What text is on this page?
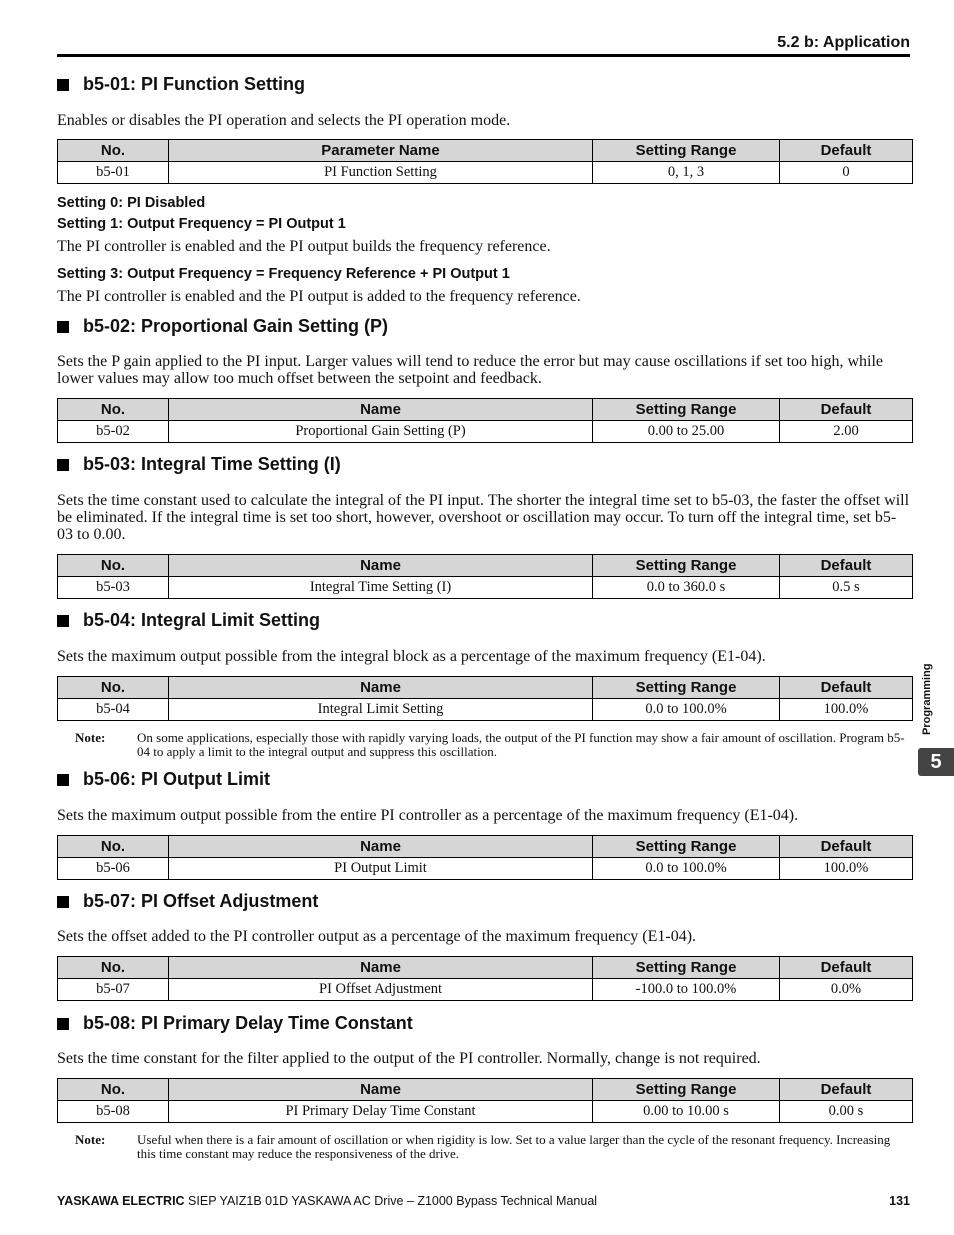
5.2 b: Application
b5-01: PI Function Setting
Enables or disables the PI operation and selects the PI operation mode.
No.	Parameter Name	Setting Range	Default
b5-01	PI Function Setting	0, 1, 3	0
Setting 0: PI Disabled
Setting 1: Output Frequency = PI Output 1
The PI controller is enabled and the PI output builds the frequency reference.
Setting 3: Output Frequency = Frequency Reference + PI Output 1
The PI controller is enabled and the PI output is added to the frequency reference.
b5-02: Proportional Gain Setting (P)
Sets the P gain applied to the PI input. Larger values will tend to reduce the error but may cause oscillations if set too high, while lower values may allow too much offset between the setpoint and feedback.
No.	Name	Setting Range	Default
b5-02	Proportional Gain Setting (P)	0.00 to 25.00	2.00
b5-03: Integral Time Setting (I)
Sets the time constant used to calculate the integral of the PI input. The shorter the integral time set to b5-03, the faster the offset will be eliminated. If the integral time is set too short, however, overshoot or oscillation may occur. To turn off the integral time, set b5-03 to 0.00.
No.	Name	Setting Range	Default
b5-03	Integral Time Setting (I)	0.0 to 360.0 s	0.5 s
b5-04: Integral Limit Setting
Sets the maximum output possible from the integral block as a percentage of the maximum frequency (E1-04).
No.	Name	Setting Range	Default
b5-04	Integral Limit Setting	0.0 to 100.0%	100.0%
Note:	On some applications, especially those with rapidly varying loads, the output of the PI function may show a fair amount of oscillation. Program b5-04 to apply a limit to the integral output and suppress this oscillation.
b5-06: PI Output Limit
Sets the maximum output possible from the entire PI controller as a percentage of the maximum frequency (E1-04).
No.	Name	Setting Range	Default
b5-06	PI Output Limit	0.0 to 100.0%	100.0%
b5-07: PI Offset Adjustment
Sets the offset added to the PI controller output as a percentage of the maximum frequency (E1-04).
No.	Name	Setting Range	Default
b5-07	PI Offset Adjustment	-100.0 to 100.0%	0.0%
b5-08: PI Primary Delay Time Constant
Sets the time constant for the filter applied to the output of the PI controller. Normally, change is not required.
No.	Name	Setting Range	Default
b5-08	PI Primary Delay Time Constant	0.00 to 10.00 s	0.00 s
Note:	Useful when there is a fair amount of oscillation or when rigidity is low. Set to a value larger than the cycle of the resonant frequency. Increasing this time constant may reduce the responsiveness of the drive.
Programming
5
YASKAWA ELECTRIC SIEP YAIZ1B 01D YASKAWA AC Drive – Z1000 Bypass Technical Manual	131
